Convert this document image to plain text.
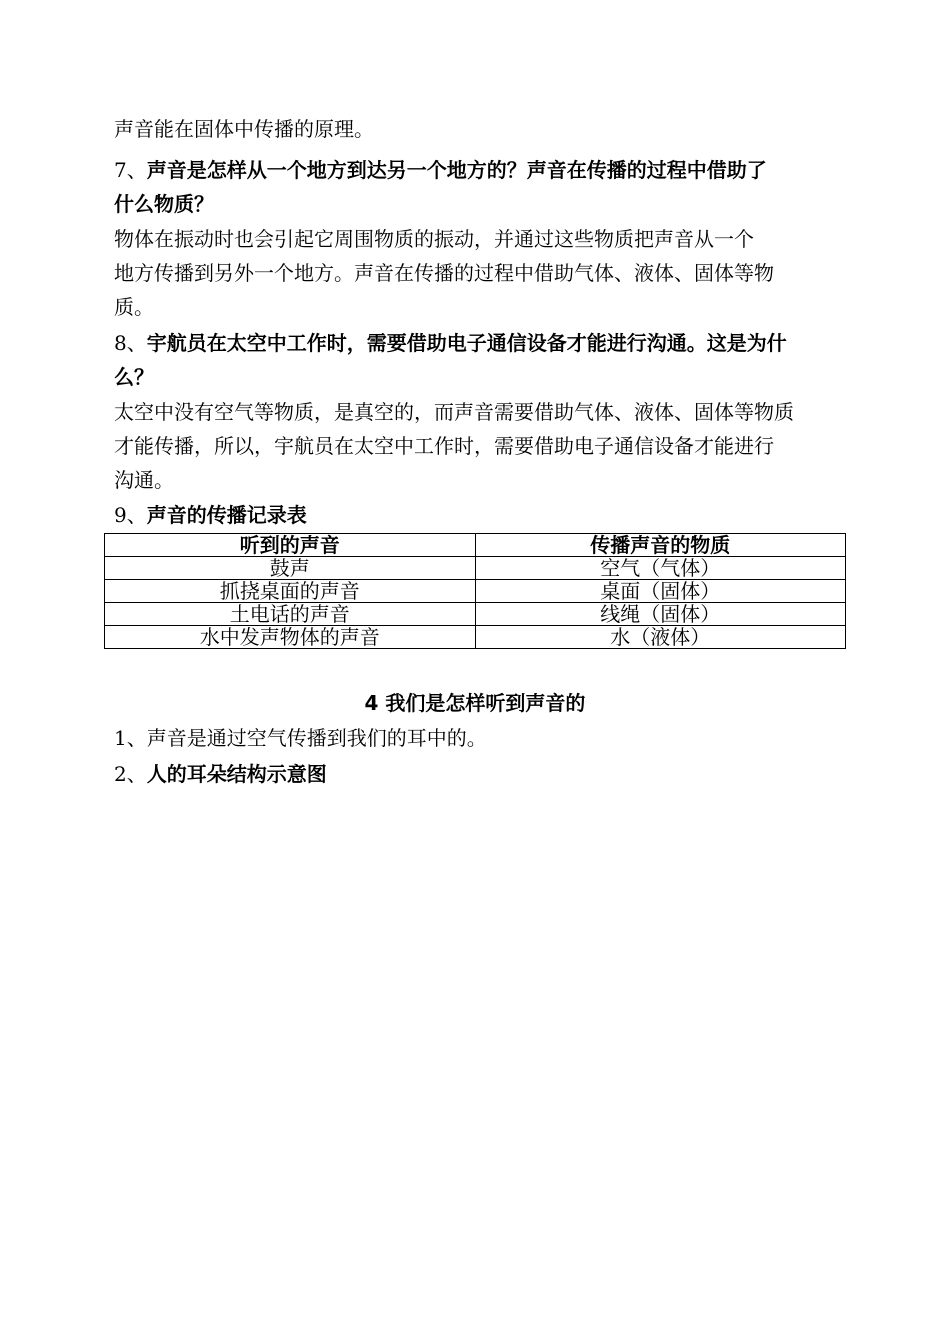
声音能在固体中传播的原理。
7、声音是怎样从一个地方到达另一个地方的？声音在传播的过程中借助了
什么物质？
物体在振动时也会引起它周围物质的振动，并通过这些物质把声音从一个
地方传播到另外一个地方。声音在传播的过程中借助气体、液体、固体等物
质。
8、宇航员在太空中工作时，需要借助电子通信设备才能进行沟通。这是为什
么？
太空中没有空气等物质，是真空的，而声音需要借助气体、液体、固体等物质
才能传播，所以，宇航员在太空中工作时，需要借助电子通信设备才能进行
沟通。
9、声音的传播记录表
听到的声音	传播声音的物质
鼓声	空气（气体）
抓挠桌面的声音	桌面（固体）
土电话的声音	线绳（固体）
水中发声物体的声音	水（液体）
4 我们是怎样听到声音的
1、声音是通过空气传播到我们的耳中的。
2、人的耳朵结构示意图
